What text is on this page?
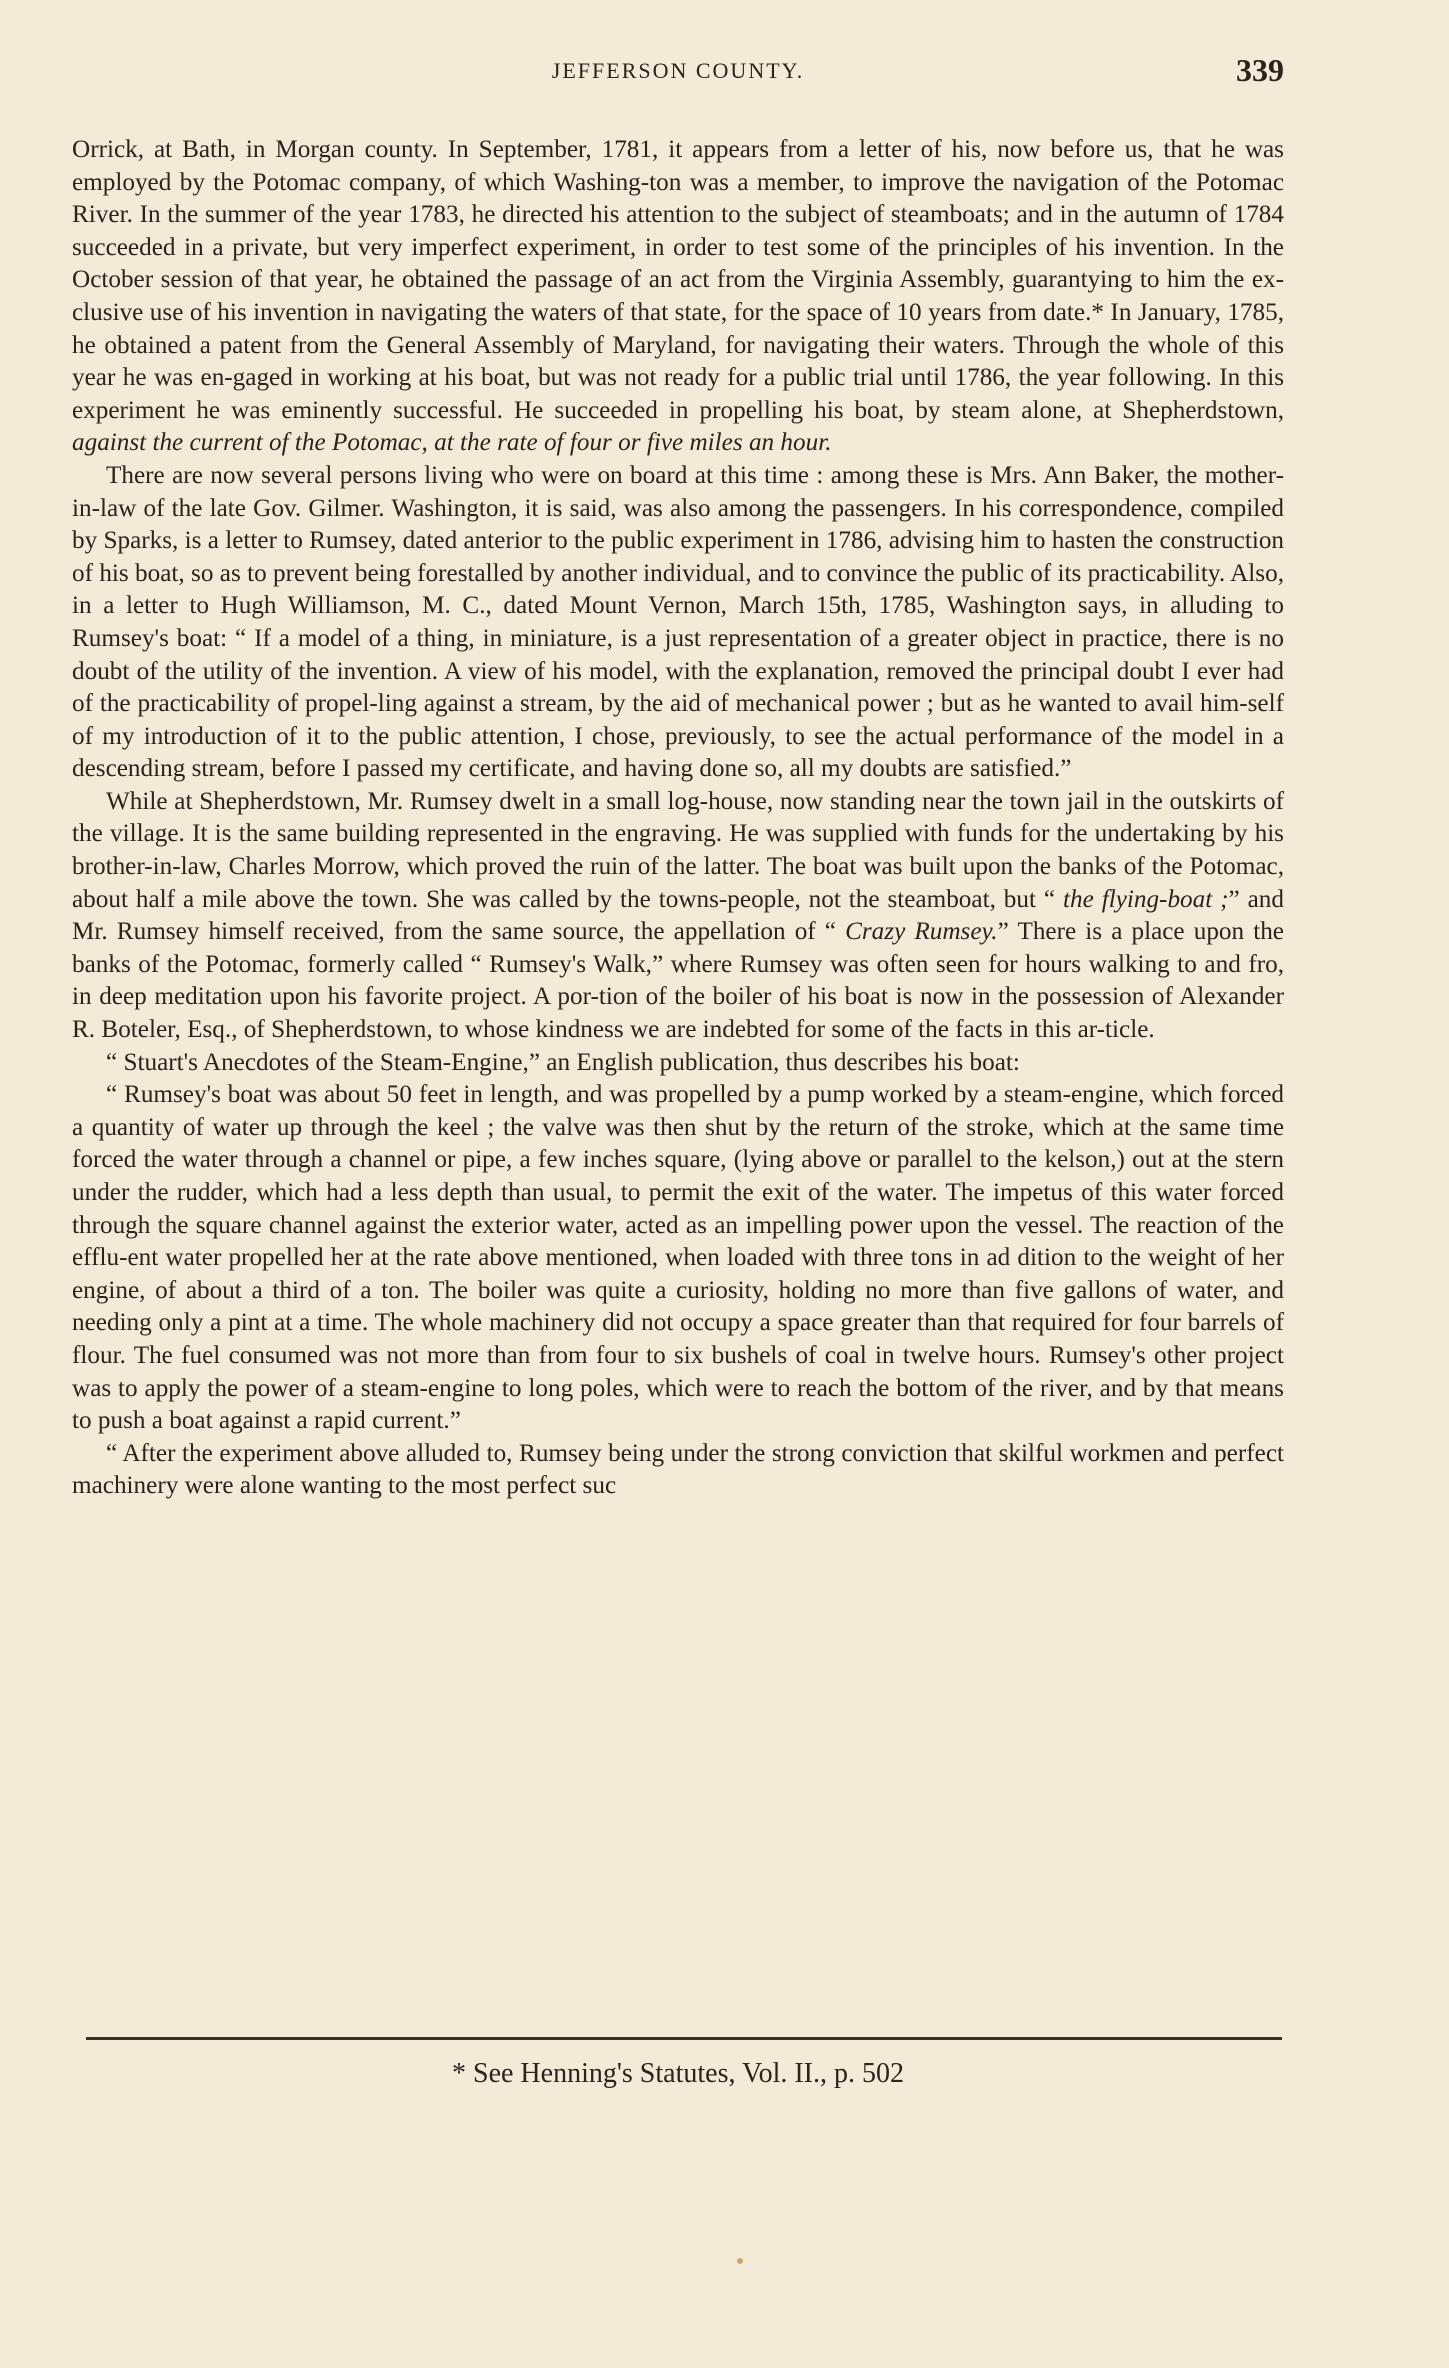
JEFFERSON COUNTY.	339

Orrick, at Bath, in Morgan county. In September, 1781, it appears from a letter of his, now before us, that he was employed by the Potomac company, of which Washing-ton was a member, to improve the navigation of the Potomac River. In the summer of the year 1783, he directed his attention to the subject of steamboats; and in the autumn of 1784 succeeded in a private, but very imperfect experiment, in order to test some of the principles of his invention. In the October session of that year, he obtained the passage of an act from the Virginia Assembly, guarantying to him the ex-clusive use of his invention in navigating the waters of that state, for the space of 10 years from date.* In January, 1785, he obtained a patent from the General Assembly of Maryland, for navigating their waters. Through the whole of this year he was en-gaged in working at his boat, but was not ready for a public trial until 1786, the year following. In this experiment he was eminently successful. He succeeded in propelling his boat, by steam alone, at Shepherdstown, against the current of the Potomac, at the rate of four or five miles an hour.

There are now several persons living who were on board at this time : among these is Mrs. Ann Baker, the mother-in-law of the late Gov. Gilmer. Washington, it is said, was also among the passengers. In his correspondence, compiled by Sparks, is a letter to Rumsey, dated anterior to the public experiment in 1786, advising him to hasten the construction of his boat, so as to prevent being forestalled by another individual, and to convince the public of its practicability. Also, in a letter to Hugh Williamson, M. C., dated Mount Vernon, March 15th, 1785, Washington says, in alluding to Rumsey's boat: “ If a model of a thing, in miniature, is a just representation of a greater object in practice, there is no doubt of the utility of the invention. A view of his model, with the explanation, removed the principal doubt I ever had of the practicability of propel-ling against a stream, by the aid of mechanical power ; but as he wanted to avail him-self of my introduction of it to the public attention, I chose, previously, to see the actual performance of the model in a descending stream, before I passed my certificate, and having done so, all my doubts are satisfied.”

While at Shepherdstown, Mr. Rumsey dwelt in a small log-house, now standing near the town jail in the outskirts of the village. It is the same building represented in the engraving. He was supplied with funds for the undertaking by his brother-in-law, Charles Morrow, which proved the ruin of the latter. The boat was built upon the banks of the Potomac, about half a mile above the town. She was called by the towns-people, not the steamboat, but “ the flying-boat ;” and Mr. Rumsey himself received, from the same source, the appellation of “ Crazy Rumsey.” There is a place upon the banks of the Potomac, formerly called “ Rumsey's Walk,” where Rumsey was often seen for hours walking to and fro, in deep meditation upon his favorite project. A por-tion of the boiler of his boat is now in the possession of Alexander R. Boteler, Esq., of Shepherdstown, to whose kindness we are indebted for some of the facts in this ar-ticle.

“ Stuart's Anecdotes of the Steam-Engine,” an English publication, thus describes his boat:

“ Rumsey's boat was about 50 feet in length, and was propelled by a pump worked by a steam-engine, which forced a quantity of water up through the keel ; the valve was then shut by the return of the stroke, which at the same time forced the water through a channel or pipe, a few inches square, (lying above or parallel to the kelson,) out at the stern under the rudder, which had a less depth than usual, to permit the exit of the water. The impetus of this water forced through the square channel against the exterior water, acted as an impelling power upon the vessel. The reaction of the efflu-ent water propelled her at the rate above mentioned, when loaded with three tons in ad dition to the weight of her engine, of about a third of a ton. The boiler was quite a curiosity, holding no more than five gallons of water, and needing only a pint at a time. The whole machinery did not occupy a space greater than that required for four barrels of flour. The fuel consumed was not more than from four to six bushels of coal in twelve hours. Rumsey's other project was to apply the power of a steam-engine to long poles, which were to reach the bottom of the river, and by that means to push a boat against a rapid current.”

“ After the experiment above alluded to, Rumsey being under the strong conviction that skilful workmen and perfect machinery were alone wanting to the most perfect suc

* See Henning's Statutes, Vol. II., p. 502
